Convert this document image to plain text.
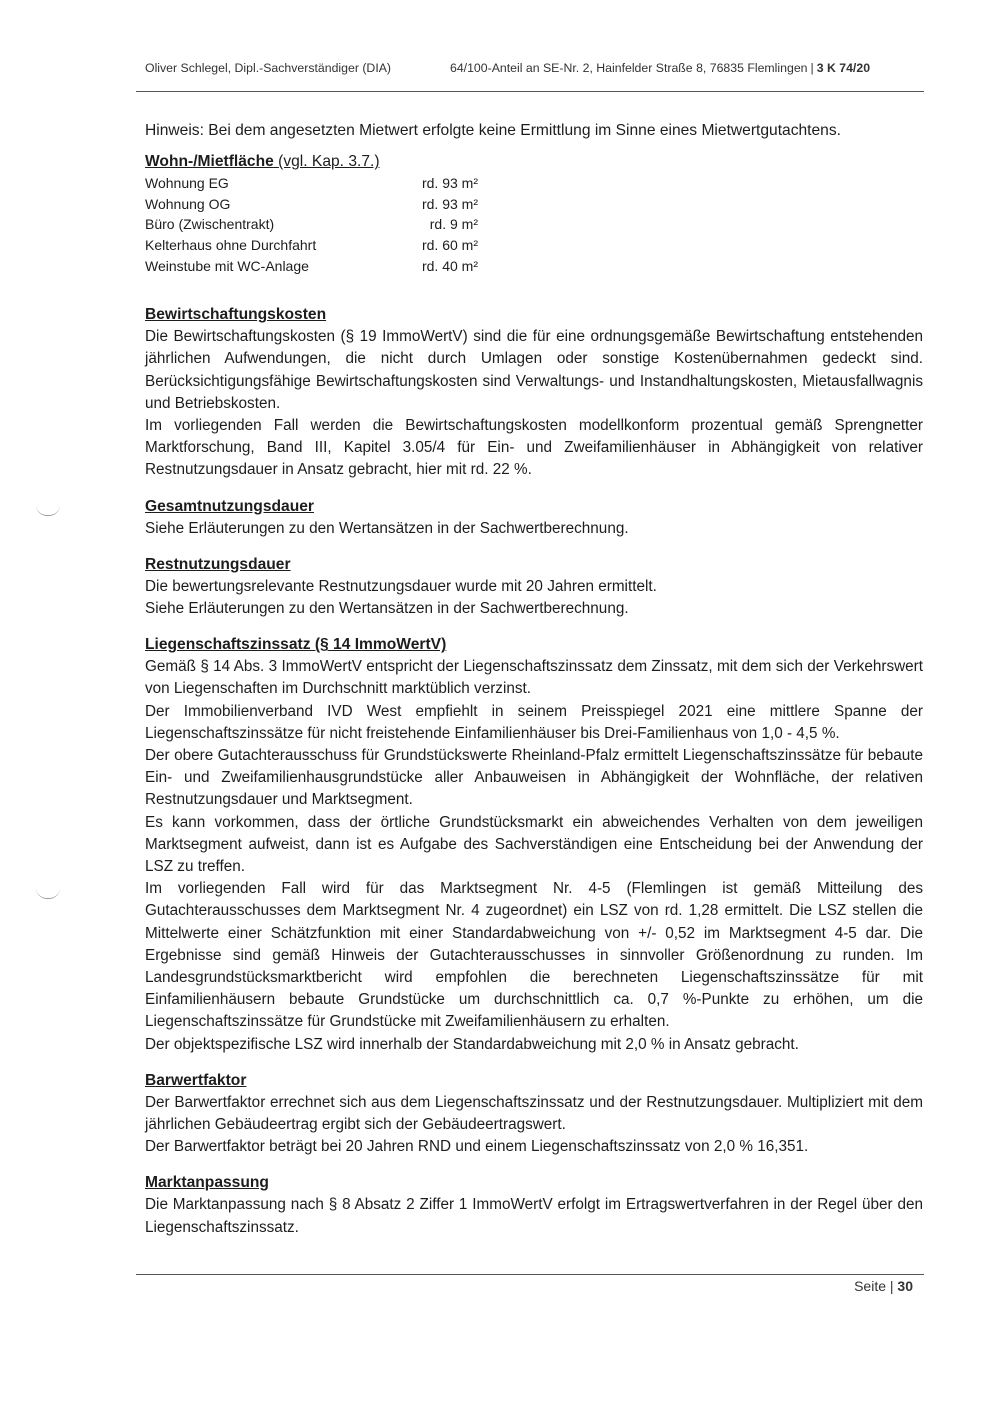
Oliver Schlegel, Dipl.-Sachverständiger (DIA)	64/100-Anteil an SE-Nr. 2, Hainfelder Straße 8, 76835 Flemlingen | 3 K 74/20

Hinweis: Bei dem angesetzten Mietwert erfolgte keine Ermittlung im Sinne eines Mietwertgutachtens.

Wohn-/Mietfläche (vgl. Kap. 3.7.)
Wohnung EG	rd. 93 m²
Wohnung OG	rd. 93 m²
Büro (Zwischentrakt)	rd. 9 m²
Kelterhaus ohne Durchfahrt	rd. 60 m²
Weinstube mit WC-Anlage	rd. 40 m²
Bewirtschaftungskosten

Die Bewirtschaftungskosten (§ 19 ImmoWertV) sind die für eine ordnungsgemäße Bewirtschaftung entstehenden jährlichen Aufwendungen, die nicht durch Umlagen oder sonstige Kostenübernahmen gedeckt sind. Berücksichtigungsfähige Bewirtschaftungskosten sind Verwaltungs- und Instandhaltungskosten, Mietausfallwagnis und Betriebskosten.

Im vorliegenden Fall werden die Bewirtschaftungskosten modellkonform prozentual gemäß Sprengnetter Marktforschung, Band III, Kapitel 3.05/4 für Ein- und Zweifamilienhäuser in Abhängigkeit von relativer Restnutzungsdauer in Ansatz gebracht, hier mit rd. 22 %.

Gesamtnutzungsdauer

Siehe Erläuterungen zu den Wertansätzen in der Sachwertberechnung.

Restnutzungsdauer

Die bewertungsrelevante Restnutzungsdauer wurde mit 20 Jahren ermittelt.

Siehe Erläuterungen zu den Wertansätzen in der Sachwertberechnung.

Liegenschaftszinssatz (§ 14 ImmoWertV)

Gemäß § 14 Abs. 3 ImmoWertV entspricht der Liegenschaftszinssatz dem Zinssatz, mit dem sich der Verkehrswert von Liegenschaften im Durchschnitt marktüblich verzinst.

Der Immobilienverband IVD West empfiehlt in seinem Preisspiegel 2021 eine mittlere Spanne der Liegenschaftszinssätze für nicht freistehende Einfamilienhäuser bis Drei-Familienhaus von 1,0 - 4,5 %.

Der obere Gutachterausschuss für Grundstückswerte Rheinland-Pfalz ermittelt Liegenschaftszinssätze für bebaute Ein- und Zweifamilienhausgrundstücke aller Anbauweisen in Abhängigkeit der Wohnfläche, der relativen Restnutzungsdauer und Marktsegment.

Es kann vorkommen, dass der örtliche Grundstücksmarkt ein abweichendes Verhalten von dem jeweiligen Marktsegment aufweist, dann ist es Aufgabe des Sachverständigen eine Entscheidung bei der Anwendung der LSZ zu treffen.

Im vorliegenden Fall wird für das Marktsegment Nr. 4-5 (Flemlingen ist gemäß Mitteilung des Gutachterausschusses dem Marktsegment Nr. 4 zugeordnet) ein LSZ von rd. 1,28 ermittelt. Die LSZ stellen die Mittelwerte einer Schätzfunktion mit einer Standardabweichung von +/- 0,52 im Marktsegment 4-5 dar. Die Ergebnisse sind gemäß Hinweis der Gutachterausschusses in sinnvoller Größenordnung zu runden. Im Landesgrundstücksmarktbericht wird empfohlen die berechneten Liegenschaftszinssätze für mit Einfamilienhäusern bebaute Grundstücke um durchschnittlich ca. 0,7 %-Punkte zu erhöhen, um die Liegenschaftszinssätze für Grundstücke mit Zweifamilienhäusern zu erhalten.

Der objektspezifische LSZ wird innerhalb der Standardabweichung mit 2,0 % in Ansatz gebracht.

Barwertfaktor

Der Barwertfaktor errechnet sich aus dem Liegenschaftszinssatz und der Restnutzungsdauer. Multipliziert mit dem jährlichen Gebäudeertrag ergibt sich der Gebäudeertragswert.

Der Barwertfaktor beträgt bei 20 Jahren RND und einem Liegenschaftszinssatz von 2,0 % 16,351.

Marktanpassung

Die Marktanpassung nach § 8 Absatz 2 Ziffer 1 ImmoWertV erfolgt im Ertragswertverfahren in der Regel über den Liegenschaftszinssatz.

Seite | 30
